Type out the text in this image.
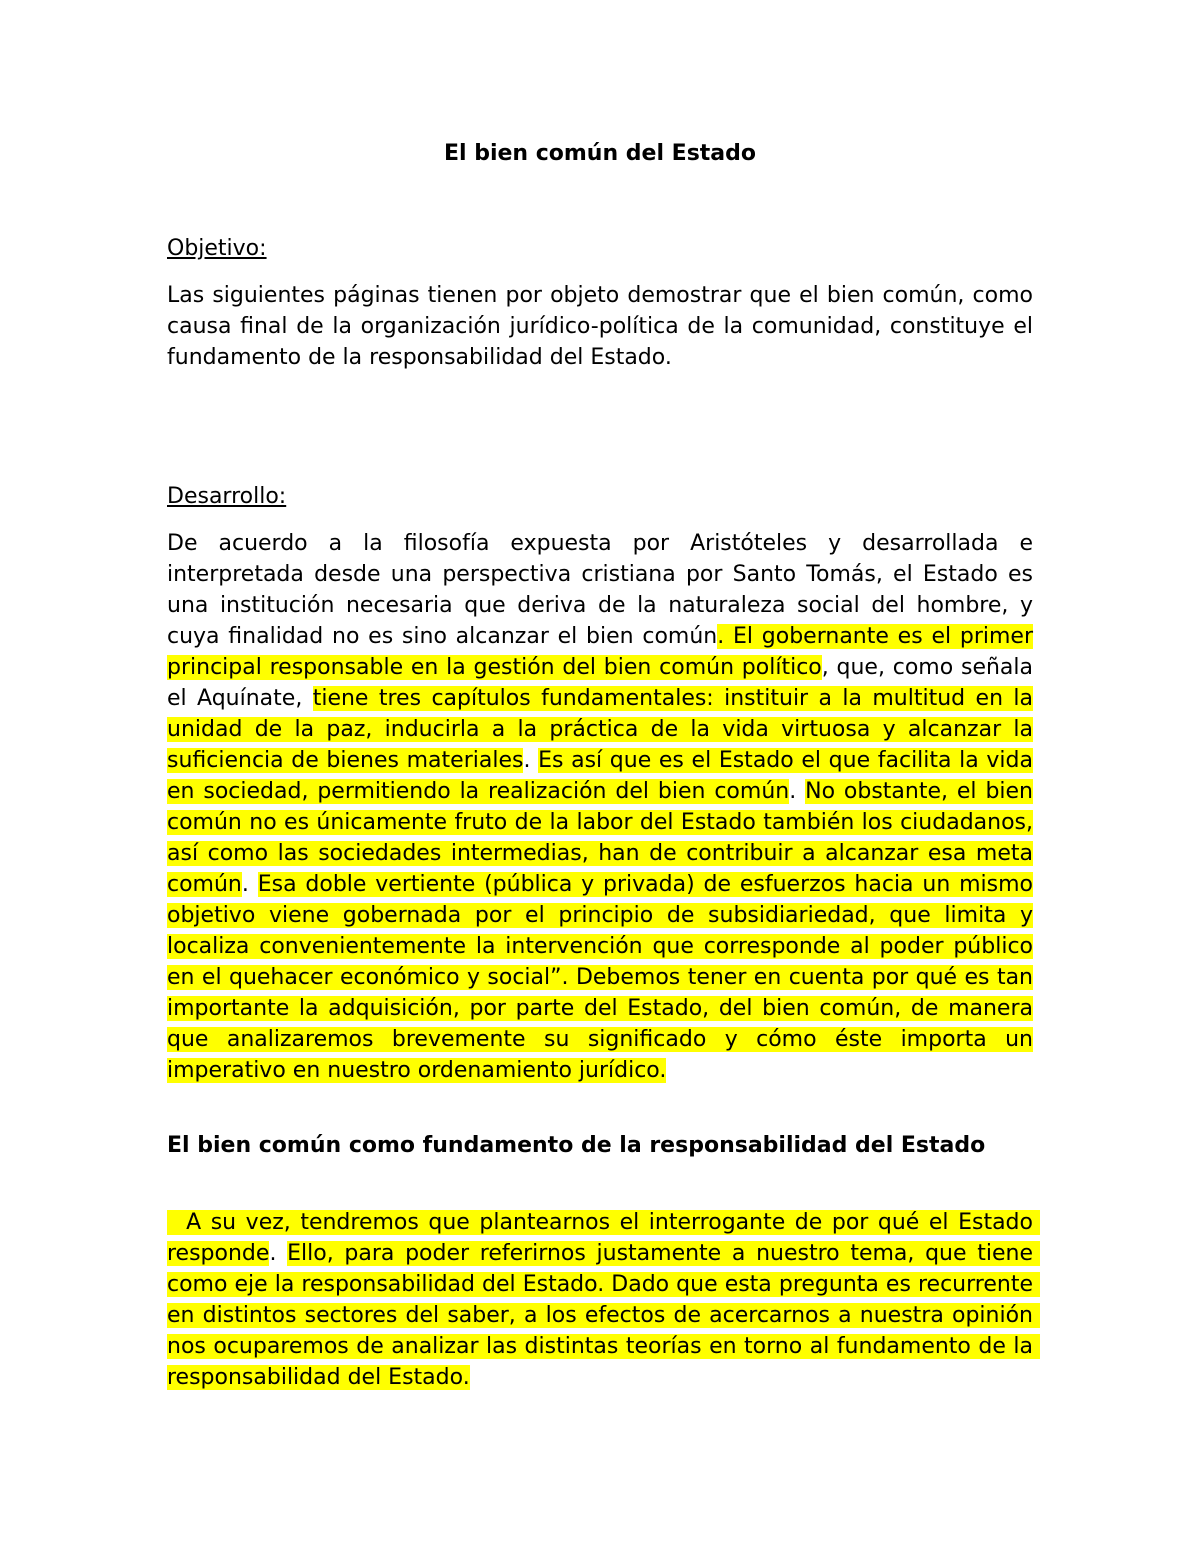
El bien común del Estado
Objetivo:
Las siguientes páginas tienen por objeto demostrar que el bien común, como causa final de la organización jurídico-política de la comunidad, constituye el fundamento de la responsabilidad del Estado.
Desarrollo:
De acuerdo a la filosofía expuesta por Aristóteles y desarrollada e interpretada desde una perspectiva cristiana por Santo Tomás, el Estado es una institución necesaria que deriva de la naturaleza social del hombre, y cuya finalidad no es sino alcanzar el bien común. El gobernante es el primer principal responsable en la gestión del bien común político, que, como señala el Aquínate, tiene tres capítulos fundamentales: instituir a la multitud en la unidad de la paz, inducirla a la práctica de la vida virtuosa y alcanzar la suficiencia de bienes materiales. Es así que es el Estado el que facilita la vida en sociedad, permitiendo la realización del bien común. No obstante, el bien común no es únicamente fruto de la labor del Estado también los ciudadanos, así como las sociedades intermedias, han de contribuir a alcanzar esa meta común. Esa doble vertiente (pública y privada) de esfuerzos hacia un mismo objetivo viene gobernada por el principio de subsidiariedad, que limita y localiza convenientemente la intervención que corresponde al poder público en el quehacer económico y social”. Debemos tener en cuenta por qué es tan importante la adquisición, por parte del Estado, del bien común, de manera que analizaremos brevemente su significado y cómo éste importa un imperativo en nuestro ordenamiento jurídico.
El bien común como fundamento de la responsabilidad del Estado
A su vez, tendremos que plantearnos el interrogante de por qué el Estado responde. Ello, para poder referirnos justamente a nuestro tema, que tiene como eje la responsabilidad del Estado. Dado que esta pregunta es recurrente en distintos sectores del saber, a los efectos de acercarnos a nuestra opinión nos ocuparemos de analizar las distintas teorías en torno al fundamento de la responsabilidad del Estado.
